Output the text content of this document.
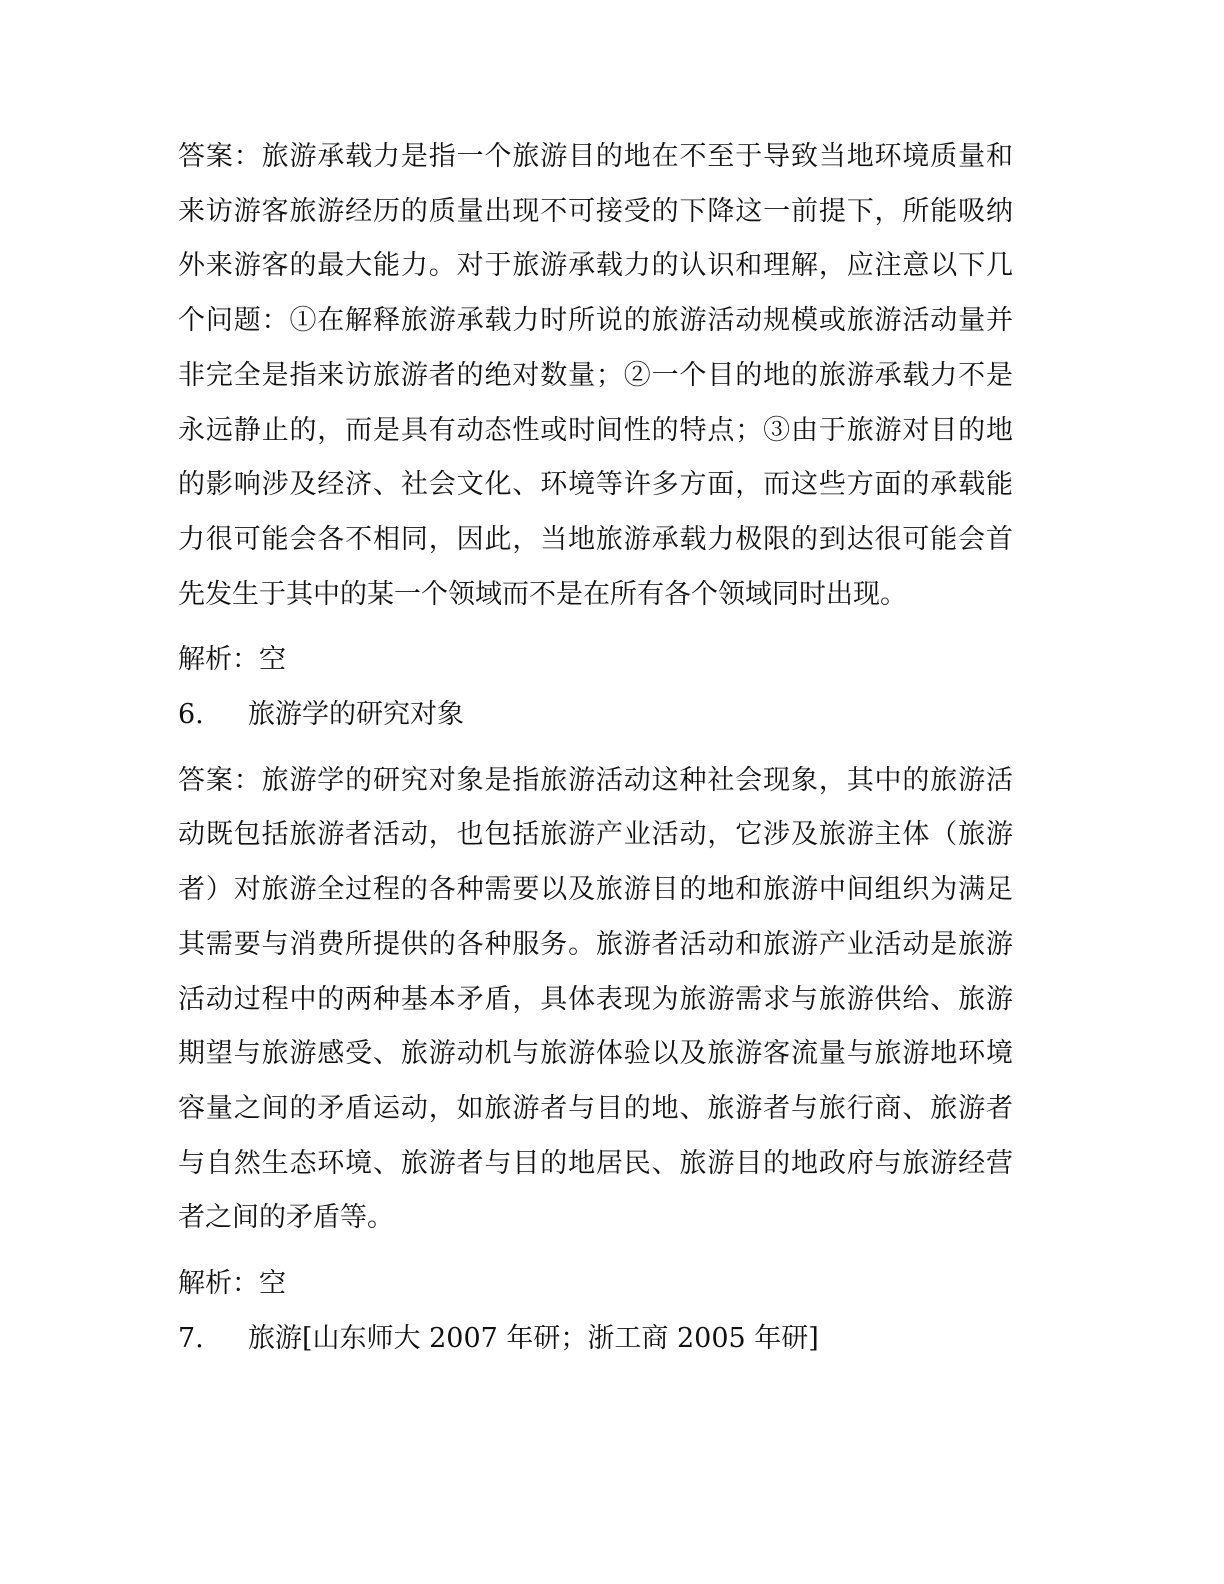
答案：旅游承载力是指一个旅游目的地在不至于导致当地环境质量和来访游客旅游经历的质量出现不可接受的下降这一前提下，所能吸纳外来游客的最大能力。对于旅游承载力的认识和理解，应注意以下几个问题：①在解释旅游承载力时所说的旅游活动规模或旅游活动量并非完全是指来访旅游者的绝对数量；②一个目的地的旅游承载力不是永远静止的，而是具有动态性或时间性的特点；③由于旅游对目的地的影响涉及经济、社会文化、环境等许多方面，而这些方面的承载能力很可能会各不相同，因此，当地旅游承载力极限的到达很可能会首先发生于其中的某一个领域而不是在所有各个领域同时出现。

解析：空

6.	旅游学的研究对象

答案：旅游学的研究对象是指旅游活动这种社会现象，其中的旅游活动既包括旅游者活动，也包括旅游产业活动，它涉及旅游主体（旅游者）对旅游全过程的各种需要以及旅游目的地和旅游中间组织为满足其需要与消费所提供的各种服务。旅游者活动和旅游产业活动是旅游活动过程中的两种基本矛盾，具体表现为旅游需求与旅游供给、旅游期望与旅游感受、旅游动机与旅游体验以及旅游客流量与旅游地环境容量之间的矛盾运动，如旅游者与目的地、旅游者与旅行商、旅游者与自然生态环境、旅游者与目的地居民、旅游目的地政府与旅游经营者之间的矛盾等。

解析：空

7.	旅游[山东师大 2007 年研；浙工商 2005 年研]
